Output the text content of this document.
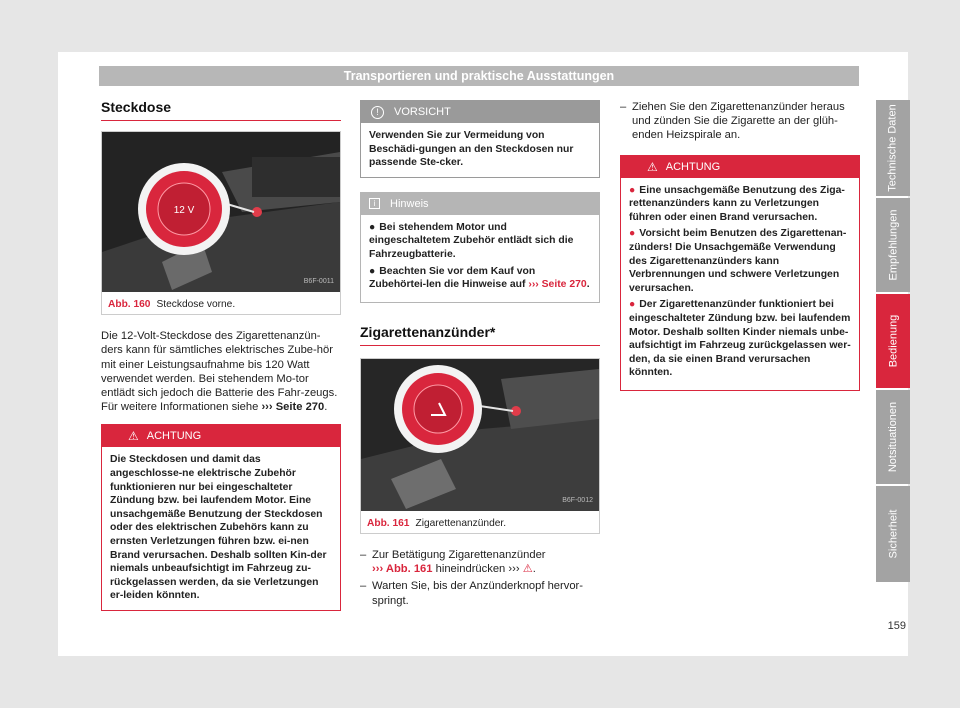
Transportieren und praktische Ausstattungen
Technische Daten
Empfehlungen
Bedienung
Notsituationen
Sicherheit
159
Steckdose
12 V
B6F-0011
Abb. 160 Steckdose vorne.

Die 12-Volt-Steckdose des Zigarettenanzün-ders kann für sämtliches elektrisches Zube-hör mit einer Leistungsaufnahme bis 120 Watt verwendet werden. Bei stehendem Mo-tor entlädt sich jedoch die Batterie des Fahr-zeugs. Für weitere Informationen siehe ››› Seite 270.

⚠ ACHTUNG
Die Steckdosen und damit das angeschlosse-ne elektrische Zubehör funktionieren nur bei eingeschalteter Zündung bzw. bei laufendem Motor. Eine unsachgemäße Benutzung der Steckdosen oder des elektrischen Zubehörs kann zu ernsten Verletzungen führen bzw. ei-nen Brand verursachen. Deshalb sollten Kin-der niemals unbeaufsichtigt im Fahrzeug zu-rückgelassen werden, da sie Verletzungen er-leiden könnten.
!	VORSICHT
Verwenden Sie zur Vermeidung von Beschädi-gungen an den Steckdosen nur passende Ste-cker.
i	Hinweis
● Bei stehendem Motor und eingeschaltetem Zubehör entlädt sich die Fahrzeugbatterie.
● Beachten Sie vor dem Kauf von Zubehörtei-len die Hinweise auf ››› Seite 270.
Zigarettenanzünder*
B6F-0012
Abb. 161 Zigarettenanzünder.
– Zur Betätigung Zigarettenanzünder
››› Abb. 161 hineindrücken ››› ⚠.
– Warten Sie, bis der Anzünderknopf hervor-springt.
– Ziehen Sie den Zigarettenanzünder heraus und zünden Sie die Zigarette an der glüh-enden Heizspirale an.
⚠ ACHTUNG
● Eine unsachgemäße Benutzung des Ziga-rettenanzünders kann zu Verletzungen führen oder einen Brand verursachen.
● Vorsicht beim Benutzen des Zigarettenan-zünders! Die Unsachgemäße Verwendung des Zigarettenanzünders kann Verbrennungen und schwere Verletzungen verursachen.
● Der Zigarettenanzünder funktioniert bei eingeschalteter Zündung bzw. bei laufendem Motor. Deshalb sollten Kinder niemals unbe-aufsichtigt im Fahrzeug zurückgelassen wer-den, da sie einen Brand verursachen könnten.
